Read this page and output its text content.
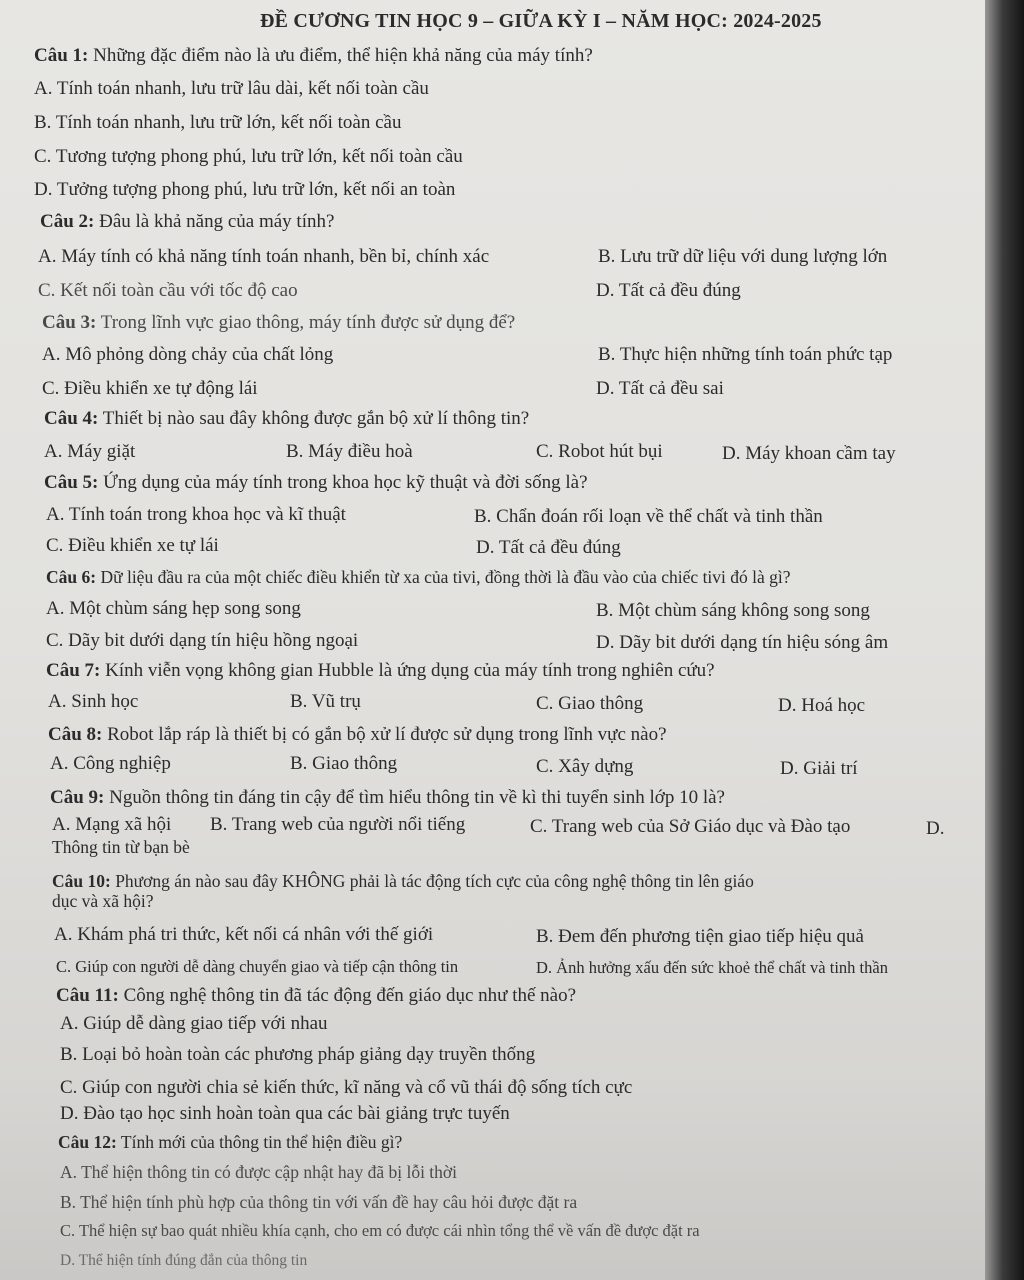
ĐỀ CƯƠNG TIN HỌC 9 – GIỮA KỲ I – NĂM HỌC: 2024-2025
Câu 1: Những đặc điểm nào là ưu điểm, thể hiện khả năng của máy tính?
A. Tính toán nhanh, lưu trữ lâu dài, kết nối toàn cầu
B. Tính toán nhanh, lưu trữ lớn, kết nối toàn cầu
C. Tương tượng phong phú, lưu trữ lớn, kết nối toàn cầu
D. Tưởng tượng phong phú, lưu trữ lớn, kết nối an toàn
Câu 2: Đâu là khả năng của máy tính?
A. Máy tính có khả năng tính toán nhanh, bền bỉ, chính xác	B. Lưu trữ dữ liệu với dung lượng lớn
C. Kết nối toàn cầu với tốc độ cao	D. Tất cả đều đúng
Câu 3: Trong lĩnh vực giao thông, máy tính được sử dụng để?
A. Mô phỏng dòng chảy của chất lỏng	B. Thực hiện những tính toán phức tạp
C. Điều khiển xe tự động lái	D. Tất cả đều sai
Câu 4: Thiết bị nào sau đây không được gắn bộ xử lí thông tin?
A. Máy giặt	B. Máy điều hoà	C. Robot hút bụi	D. Máy khoan cầm tay
Câu 5: Ứng dụng của máy tính trong khoa học kỹ thuật và đời sống là?
A. Tính toán trong khoa học và kĩ thuật	B. Chẩn đoán rối loạn về thể chất và tinh thần
C. Điều khiển xe tự lái	D. Tất cả đều đúng
Câu 6: Dữ liệu đầu ra của một chiếc điều khiển từ xa của tivi, đồng thời là đầu vào của chiếc tivi đó là gì?
A. Một chùm sáng hẹp song song	B. Một chùm sáng không song song
C. Dãy bit dưới dạng tín hiệu hồng ngoại	D. Dãy bit dưới dạng tín hiệu sóng âm
Câu 7: Kính viễn vọng không gian Hubble là ứng dụng của máy tính trong nghiên cứu?
A. Sinh học	B. Vũ trụ	C. Giao thông	D. Hoá học
Câu 8: Robot lắp ráp là thiết bị có gắn bộ xử lí được sử dụng trong lĩnh vực nào?
A. Công nghiệp	B. Giao thông	C. Xây dựng	D. Giải trí
Câu 9: Nguồn thông tin đáng tin cậy để tìm hiểu thông tin về kì thi tuyển sinh lớp 10 là?
A. Mạng xã hội B. Trang web của người nổi tiếng	C. Trang web của Sở Giáo dục và Đào tạo	D.
Thông tin từ bạn bè
Câu 10: Phương án nào sau đây KHÔNG phải là tác động tích cực của công nghệ thông tin lên giáo
dục và xã hội?
A. Khám phá tri thức, kết nối cá nhân với thế giới	B. Đem đến phương tiện giao tiếp hiệu quả
C. Giúp con người dễ dàng chuyển giao và tiếp cận thông tin	D. Ảnh hưởng xấu đến sức khoẻ thể chất và tinh thần
Câu 11: Công nghệ thông tin đã tác động đến giáo dục như thế nào?
A. Giúp dễ dàng giao tiếp với nhau
B. Loại bỏ hoàn toàn các phương pháp giảng dạy truyền thống
C. Giúp con người chia sẻ kiến thức, kĩ năng và cổ vũ thái độ sống tích cực
D. Đào tạo học sinh hoàn toàn qua các bài giảng trực tuyến
Câu 12: Tính mới của thông tin thể hiện điều gì?
A. Thể hiện thông tin có được cập nhật hay đã bị lỗi thời
B. Thể hiện tính phù hợp của thông tin với vấn đề hay câu hỏi được đặt ra
C. Thể hiện sự bao quát nhiều khía cạnh, cho em có được cái nhìn tổng thể về vấn đề được đặt ra
D. Thể hiện tính đúng đắn của thông tin
